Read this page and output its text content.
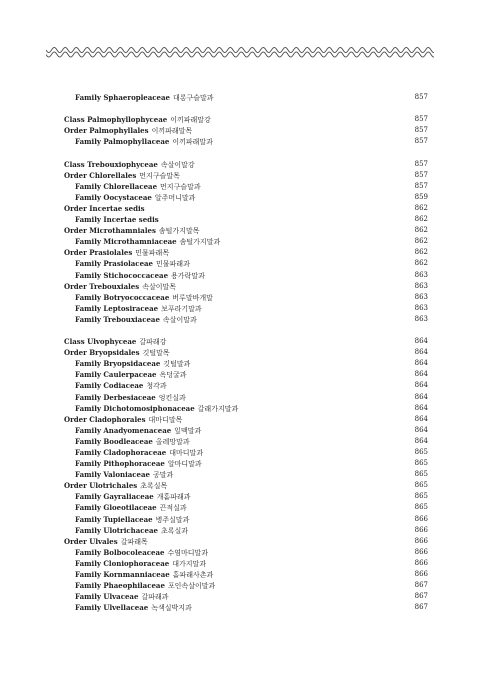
Family Sphaeropleaceae 대롱구슬말과	857
Class Palmophyllophyceae 이끼파래말강	857
Order Palmophyllales 이끼파래말목	857
Family Palmophyllaceae 이끼파래말과	857
Class Trebouxiophyceae 속살이말강	857
Order Chlorellales 먼지구슬말목	857
Family Chlorellaceae 먼지구슬말과	857
Family Oocystaceae 알주머니말과	859
Order Incertae sedis	862
Family Incertae sedis	862
Order Microthamniales 솜털가지말목	862
Family Microthamniaceae 솜털가지말과	862
Order Prasiolales 민물파래목	862
Family Prasiolaceae 민물파래과	862
Family Stichococcaceae 용가락말과	863
Order Trebouxiales 속살이말목	863
Family Botryococcaceae 버루말바개말	863
Family Leptosiraceae 보푸라기말과	863
Family Trebouxiaceae 속살이말과	863
Class Ulvophyceae 갈파래강	864
Order Bryopsidales 깃털말목	864
Family Bryopsidaceae 깃털말과	864
Family Caulerpaceae 옥덩굴과	864
Family Codiaceae 청각과	864
Family Derbesiaceae 엉킨실과	864
Family Dichotomosiphonaceae 갈래가지말과	864
Order Cladophorales 대마디말목	864
Family Anadyomenaceae 잎맥말과	864
Family Boodleaceae 올레망말과	864
Family Cladophoraceae 대마디말과	865
Family Pithophoraceae 알마디말과	865
Family Valoniaceae 공말과	865
Order Ulotrichales 초록실목	865
Family Gayraliaceae 개홑파래과	865
Family Gloeotilaceae 끈적실과	865
Family Tupiellaceae 병주실말과	866
Family Ulotrichaceae 초록실과	866
Order Ulvales 갈파래목	866
Family Bolbocoleaceae 수염마디말과	866
Family Cloniophoraceae 대가지말과	866
Family Kornmanniaceae 홑파래사촌과	866
Family Phaeophilaceae 포인속살이말과	867
Family Ulvaceae 갈파래과	867
Family Ulvellaceae 녹색실박지과	867
